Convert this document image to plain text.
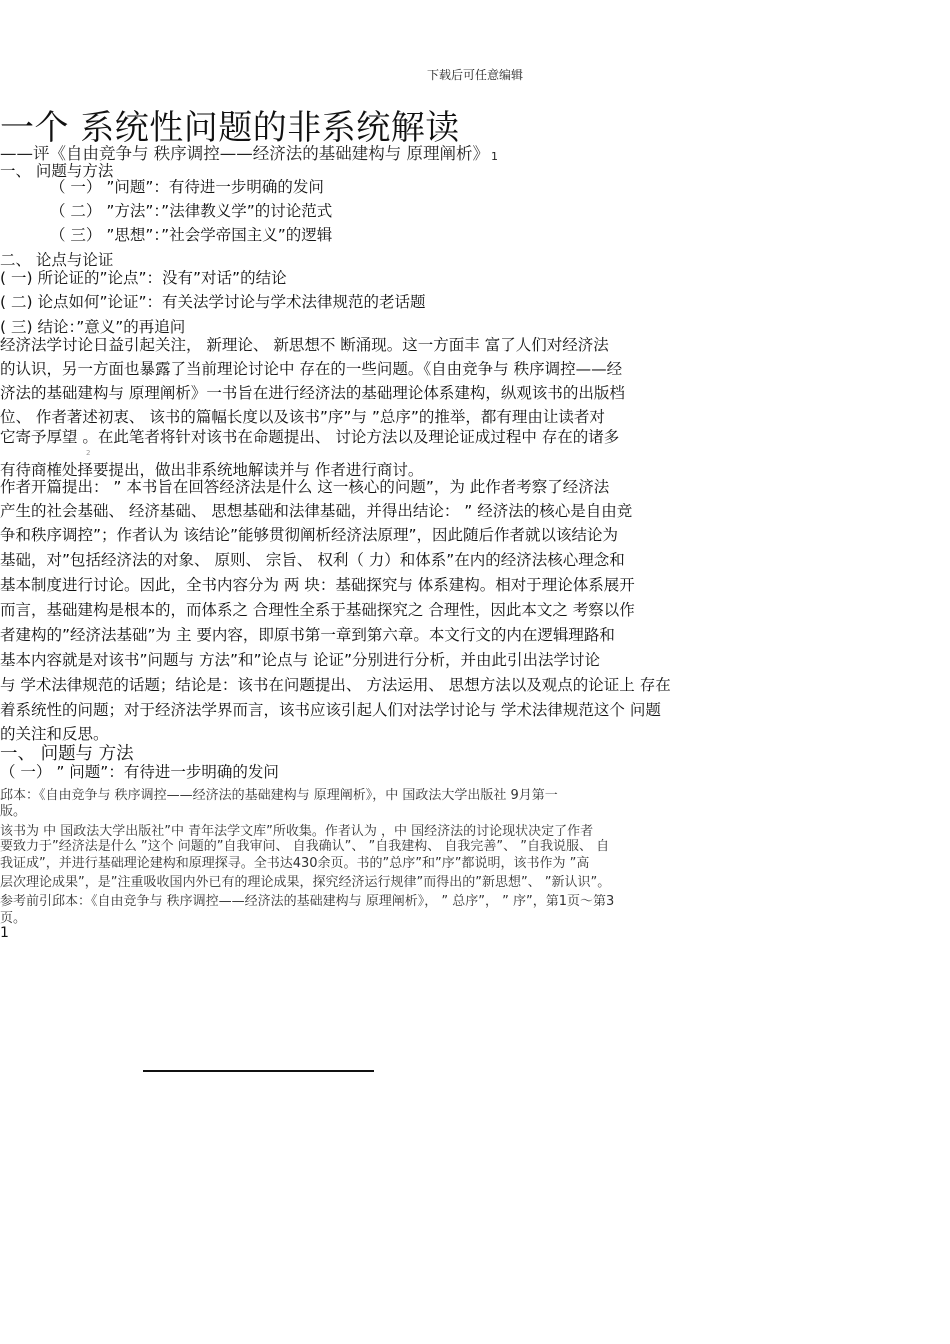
下载后可任意编辑
一个 系统性问题的非系统解读
——评《自由竞争与 秩序调控——经济法的基础建构与 原理阐析》 $^1$
一、 问题与方法
（ 一） ”问题”：有待进一步明确的发问
（ 二） ”方法”：”法律教义学”的讨论范式
（ 三） ”思想”：”社会学帝国主义”的逻辑
二、 论点与论证
( 一) 所论证的”论点”：没有”对话”的结论
( 二) 论点如何”论证”：有关法学讨论与学术法律规范的老话题
( 三) 结论：”意义”的再追问
经济法学讨论日益引起关注， 新理论、 新思想不 断涌现。这一方面丰 富了人们对经济法
的认识，另一方面也暴露了当前理论讨论中 存在的一些问题。《自由竞争与 秩序调控——经
济法的基础建构与 原理阐析》一书旨在进行经济法的基础理论体系建构，纵观该书的出版档
位、 作者著述初衷、 该书的篇幅长度以及该书”序”与 ”总序”的推举，都有理由让读者对
它寄予厚望 。在此笔者将针对该书在命题提出、 讨论方法以及理论证成过程中 存在的诸多
2
有待商榷处择要提出，做出非系统地解读并与 作者进行商讨。
作者开篇提出： ” 本书旨在回答经济法是什么 这一核心的问题”，为 此作者考察了经济法
产生的社会基础、 经济基础、 思想基础和法律基础，并得出结论： ” 经济法的核心是自由竞
争和秩序调控”；作者认为 该结论”能够贯彻阐析经济法原理”，因此随后作者就以该结论为
基础，对”包括经济法的对象、 原则、 宗旨、 权利（ 力）和体系”在内的经济法核心理念和
基本制度进行讨论。因此，全书内容分为 两 块：基础探究与 体系建构。相对于理论体系展开
而言，基础建构是根本的，而体系之 合理性全系于基础探究之 合理性，因此本文之 考察以作
者建构的”经济法基础”为 主 要内容，即原书第一章到第六章。本文行文的内在逻辑理路和
基本内容就是对该书”问题与 方法”和”论点与 论证”分别进行分析，并由此引出法学讨论
与 学术法律规范的话题；结论是：该书在问题提出、 方法运用、 思想方法以及观点的论证上 存在
着系统性的问题；对于经济法学界而言，该书应该引起人们对法学讨论与 学术法律规范这个 问题
的关注和反思。
一、 问题与 方法
（ 一） ” 问题”：有待进一步明确的发问
邱本：《自由竞争与 秩序调控——经济法的基础建构与 原理阐析》，中 国政法大学出版社 9月第一
版。
该书为 中 国政法大学出版社”中 青年法学文库”所收集。作者认为 ，中 国经济法的讨论现状决定了作者
要致力于”经济法是什么 ”这个 问题的”自我审问、 自我确认”、 ”自我建构、 自我完善”、 ”自我说服、 自
我证成”，并进行基础理论建构和原理探寻。全书达430余页。书的”总序”和”序”都说明，该书作为 ”高
层次理论成果”，是”注重吸收国内外已有的理论成果，探究经济运行规律”而得出的”新思想”、 ”新认识”。
参考前引邱本：《自由竞争与 秩序调控——经济法的基础建构与 原理阐析》， ” 总序”， ” 序”，第1页～第3
页。
1
